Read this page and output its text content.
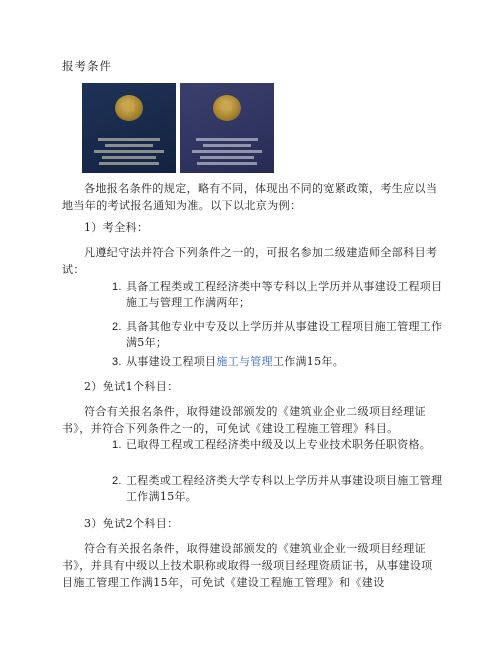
报考条件
各地报名条件的规定，略有不同，体现出不同的宽紧政策，考生应以当地当年的考试报名通知为准。以下以北京为例：
1）考全科：
凡遵纪守法并符合下列条件之一的，可报名参加二级建造师全部科目考试：
1. 具备工程类或工程经济类中等专科以上学历并从事建设工程项目施工与管理工作满两年；
2. 具备其他专业中专及以上学历并从事建设工程项目施工管理工作满5年；
3. 从事建设工程项目施工与管理工作满15年。
2）免试1个科目：
符合有关报名条件，取得建设部颁发的《建筑业企业二级项目经理证书》，并符合下列条件之一的，可免试《建设工程施工管理》科目。
1. 已取得工程或工程经济类中级及以上专业技术职务任职资格。
2. 工程类或工程经济类大学专科以上学历并从事建设项目施工管理工作满15年。
3）免试2个科目：
符合有关报名条件，取得建设部颁发的《建筑业企业一级项目经理证书》，并具有中级以上技术职称或取得一级项目经理资质证书，从事建设项目施工管理工作满15年，可免试《建设工程施工管理》和《建设
